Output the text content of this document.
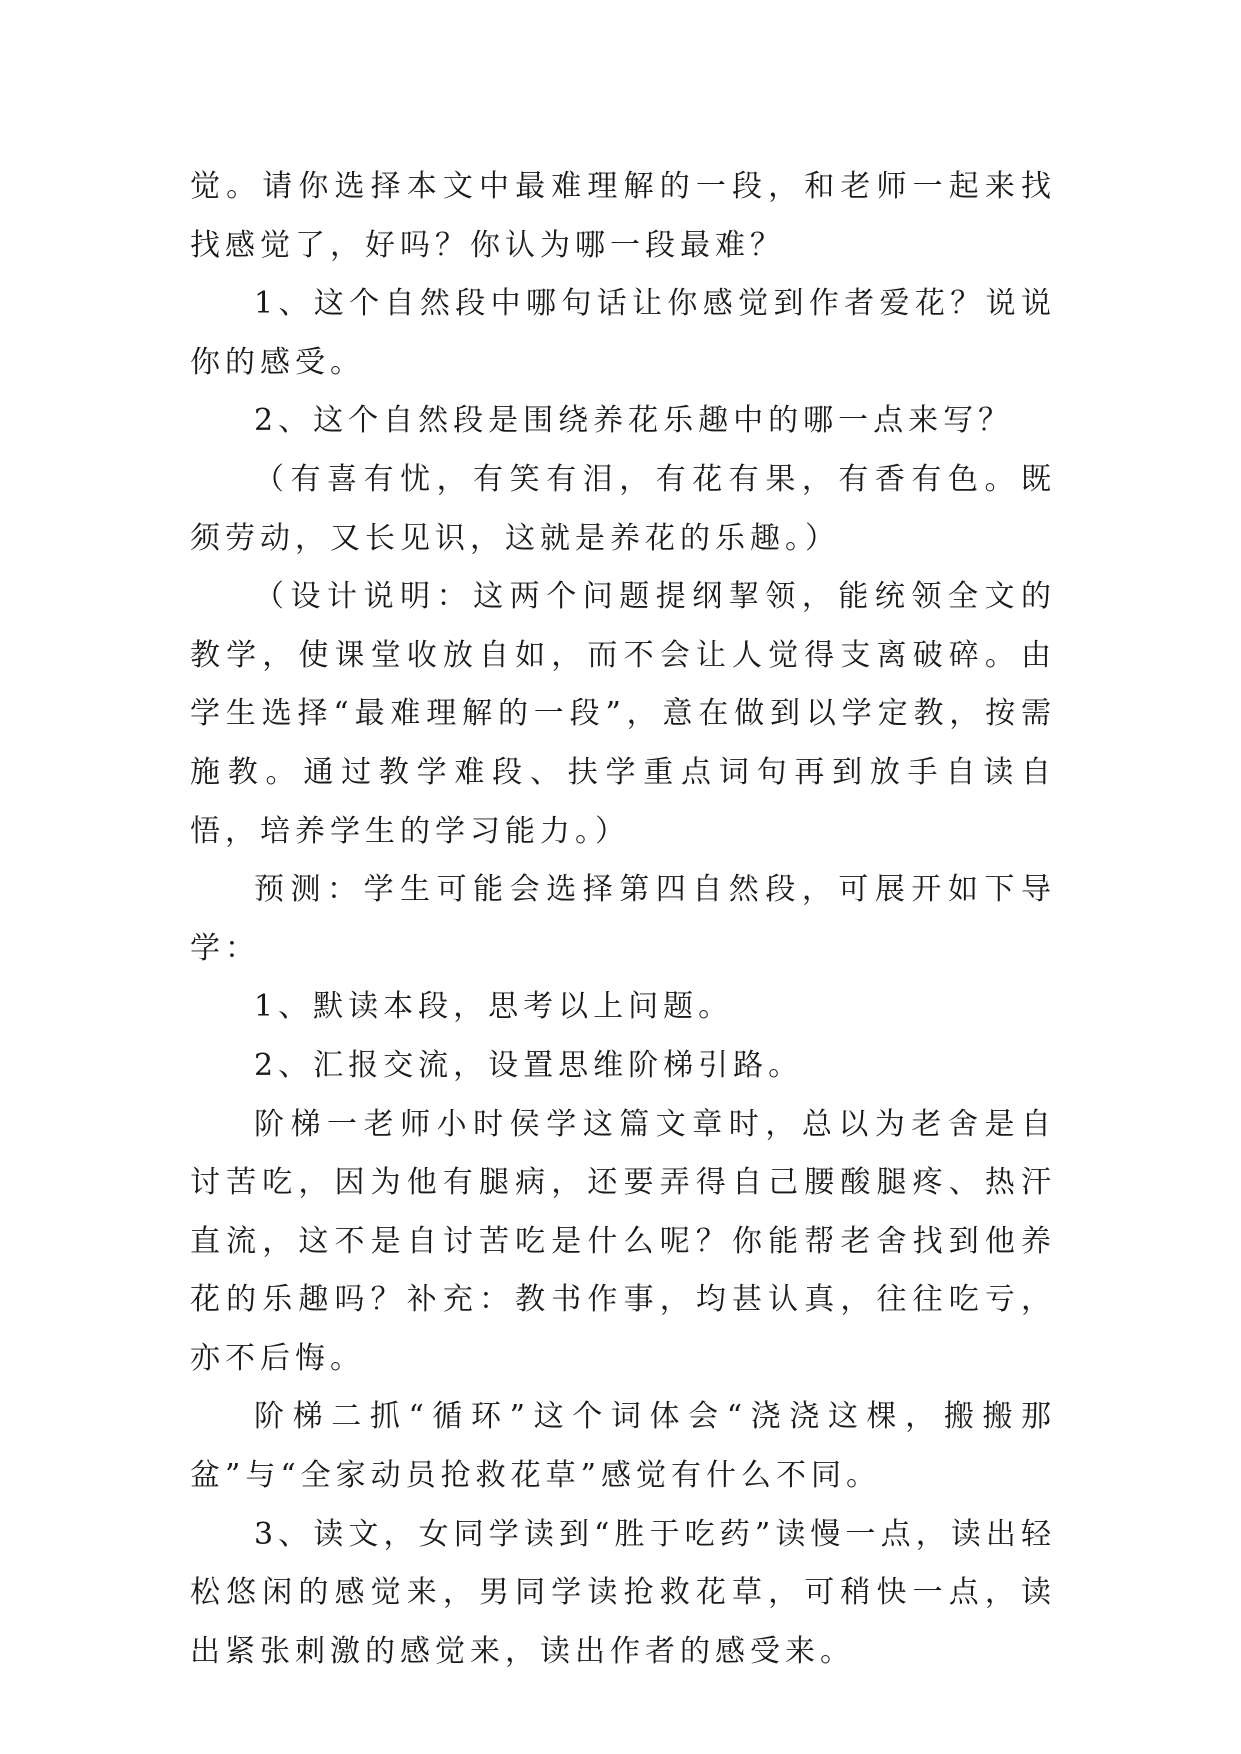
觉。请你选择本文中最难理解的一段，和老师一起来找找感觉了，好吗？你认为哪一段最难？

1、这个自然段中哪句话让你感觉到作者爱花？说说你的感受。

2、这个自然段是围绕养花乐趣中的哪一点来写？

（有喜有忧，有笑有泪，有花有果，有香有色。既须劳动，又长见识，这就是养花的乐趣。）

（设计说明：这两个问题提纲挈领，能统领全文的教学，使课堂收放自如，而不会让人觉得支离破碎。由学生选择“最难理解的一段”，意在做到以学定教，按需施教。通过教学难段、扶学重点词句再到放手自读自悟，培养学生的学习能力。）

预测：学生可能会选择第四自然段，可展开如下导学：

1、默读本段，思考以上问题。

2、汇报交流，设置思维阶梯引路。

阶梯一老师小时侯学这篇文章时，总以为老舍是自讨苦吃，因为他有腿病，还要弄得自己腰酸腿疼、热汗直流，这不是自讨苦吃是什么呢？你能帮老舍找到他养花的乐趣吗？补充：教书作事，均甚认真，往往吃亏，亦不后悔。

阶梯二抓“循环”这个词体会“浇浇这棵，搬搬那盆”与“全家动员抢救花草”感觉有什么不同。

3、读文，女同学读到“胜于吃药”读慢一点，读出轻松悠闲的感觉来，男同学读抢救花草，可稍快一点，读出紧张刺激的感觉来，读出作者的感受来。
